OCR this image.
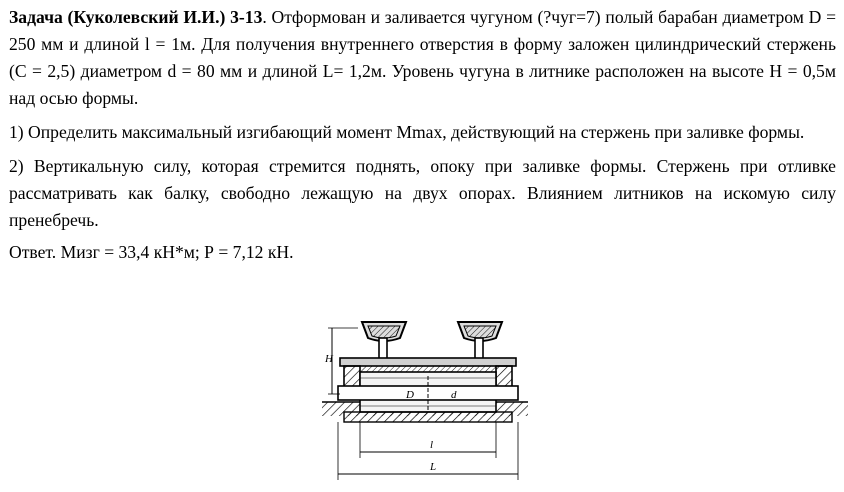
Задача (Куколевский И.И.) 3-13. Отформован и заливается чугуном (?чуг=7) полый барабан диаметром D = 250 мм и длиной l = 1м. Для получения внутреннего отверстия в форму заложен цилиндрический стержень (C = 2,5) диаметром d = 80 мм и длиной L= 1,2м. Уровень чугуна в литнике расположен на высоте H = 0,5м над осью формы.

1) Определить максимальный изгибающий момент Mmax, действующий на стержень при заливке формы.

2) Вертикальную силу, которая стремится поднять, опоку при заливке формы. Стержень при отливке рассматривать как балку, свободно лежащую на двух опорах. Влиянием литников на искомую силу пренебречь.

Ответ. Мизг = 33,4 кН*м; Р = 7,12 кН.

H
D	d
l
L
